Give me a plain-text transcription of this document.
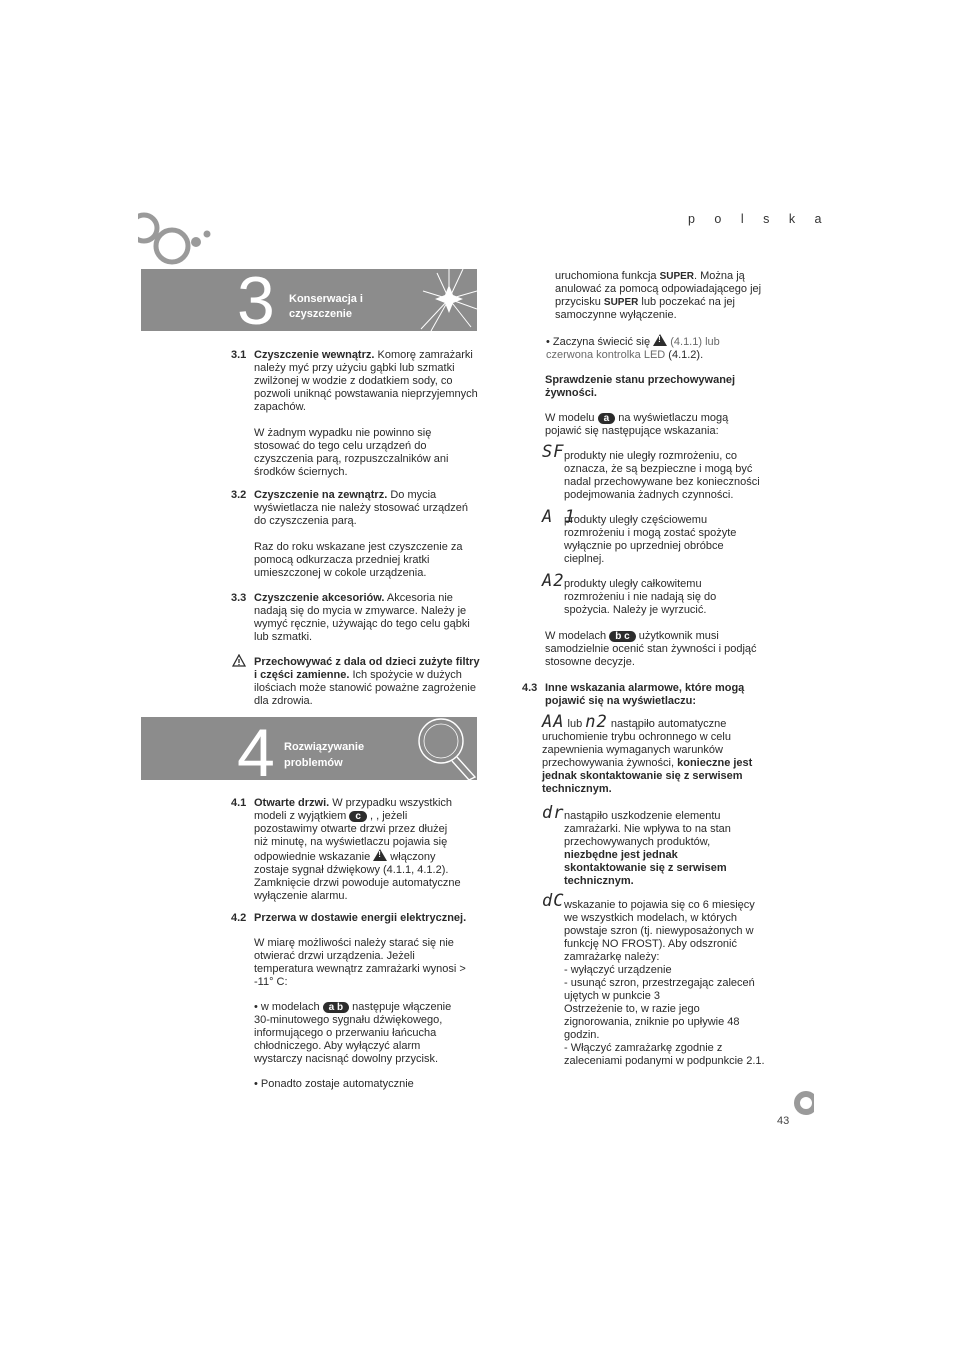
p o l s k a
3 Konserwacja i
czyszczenie
3.1 Czyszczenie wewnątrz. Komorę zamrażarki należy myć przy użyciu gąbki lub szmatki zwilżonej w wodzie z dodatkiem sody, co pozwoli uniknąć powstawania nieprzyjemnych zapachów.

W żadnym wypadku nie powinno się stosować do tego celu urządzeń do czyszczenia parą, rozpuszczalników ani środków ściernych.

3.2 Czyszczenie na zewnątrz. Do mycia wyświetlacza nie należy stosować urządzeń do czyszczenia parą.

Raz do roku wskazane jest czyszczenie za pomocą odkurzacza przedniej kratki umieszczonej w cokole urządzenia.

3.3 Czyszczenie akcesoriów. Akcesoria nie nadają się do mycia w zmywarce. Należy je wymyć ręcznie, używając do tego celu gąbki lub szmatki.

Przechowywać z dala od dzieci zużyte filtry i części zamienne. Ich spożycie w dużych ilościach może stanowić poważne zagrożenie dla zdrowia.

4 Rozwiązywanie
problemów
4.1 Otwarte drzwi. W przypadku wszystkich modeli z wyjątkiem c , , jeżeli pozostawimy otwarte drzwi przez dłużej niż minutę, na wyświetlaczu pojawia się odpowiednie wskazanie ! włączony zostaje sygnał dźwiękowy (4.1.1, 4.1.2). Zamknięcie drzwi powoduje automatyczne wyłączenie alarmu.

4.2 Przerwa w dostawie energii elektrycznej.

W miarę możliwości należy starać się nie otwierać drzwi urządzenia. Jeżeli temperatura wewnątrz zamrażarki wynosi > -11° C:

• w modelach a b następuje włączenie 30-minutowego sygnału dźwiękowego, informującego o przerwaniu łańcucha chłodniczego. Aby wyłączyć alarm wystarczy nacisnąć dowolny przycisk.

• Ponadto zostaje automatycznie

uruchomiona funkcja SUPER. Można ją anulować za pomocą odpowiadającego jej przycisku SUPER lub poczekać na jej samoczynne wyłączenie.

• Zaczyna świecić się ! (4.1.1) lub czerwona kontrolka LED (4.1.2).

Sprawdzenie stanu przechowywanej żywności.

W modelu a na wyświetlaczu mogą pojawić się następujące wskazania:

SF produkty nie uległy rozmrożeniu, co oznacza, że są bezpieczne i mogą być nadal przechowywane bez konieczności podejmowania żadnych czynności.

A 1

produkty uległy częściowemu rozmrożeniu i mogą zostać spożyte wyłącznie po uprzedniej obróbce cieplnej.

A2 produkty uległy całkowitemu rozmrożeniu i nie nadają się do spożycia. Należy je wyrzucić.

W modelach b c użytkownik musi samodzielnie ocenić stan żywności i podjąć stosowne decyzje.

4.3 Inne wskazania alarmowe, które mogą pojawić się na wyświetlaczu:

AA lub n2 nastąpiło automatyczne uruchomienie trybu ochronnego w celu zapewnienia wymaganych warunków przechowywania żywności, konieczne jest jednak skontaktowanie się z serwisem technicznym.

dr nastąpiło uszkodzenie elementu zamrażarki. Nie wpływa to na stan przechowywanych produktów, niezbędne jest jednak skontaktowanie się z serwisem technicznym.

dC wskazanie to pojawia się co 6 miesięcy we wszystkich modelach, w których powstaje szron (tj. niewyposażonych w funkcję NO FROST). Aby odszronić zamrażarkę należy:
- wyłączyć urządzenie
- usunąć szron, przestrzegając zaleceń ujętych w punkcie 3
Ostrzeżenie to, w razie jego zignorowania, zniknie po upływie 48 godzin.
- Włączyć zamrażarkę zgodnie z zaleceniami podanymi w podpunkcie 2.1.

43
